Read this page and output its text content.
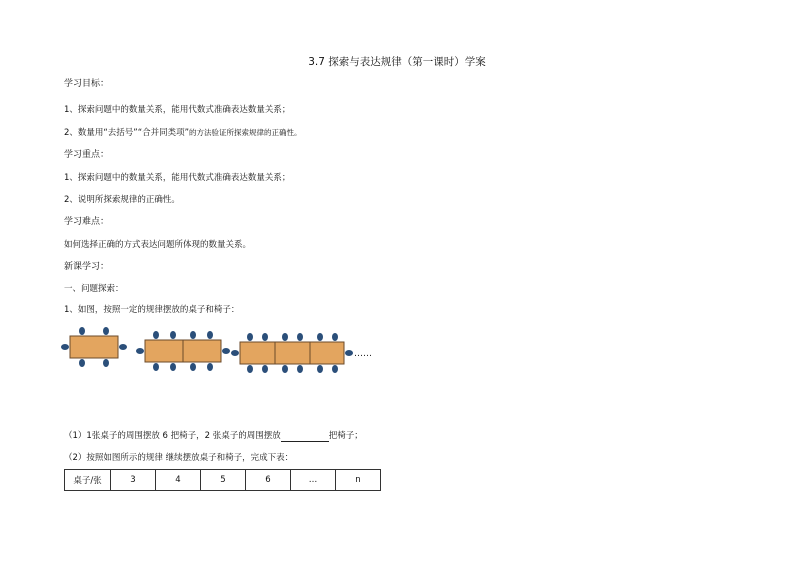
3.7 探索与表达规律（第一课时）学案
学习目标：
1、探索问题中的数量关系，能用代数式准确表达数量关系；
2、数量用“去括号”“合并同类项”的方法验证所探索规律的正确性。
学习重点：
1、探索问题中的数量关系，能用代数式准确表达数量关系；
2、说明所探索规律的正确性。
学习难点：
如何选择正确的方式表达问题所体现的数量关系。
新课学习：
一、问题探索：
1、如图，按照一定的规律摆放的桌子和椅子：
……
（1）1张桌子的周围摆放 6 把椅子，2 张桌子的周围摆放	把椅子；
（2）按照如图所示的规律 继续摆放桌子和椅子，完成下表：
桌子/张	3	4	5	6	…	n
